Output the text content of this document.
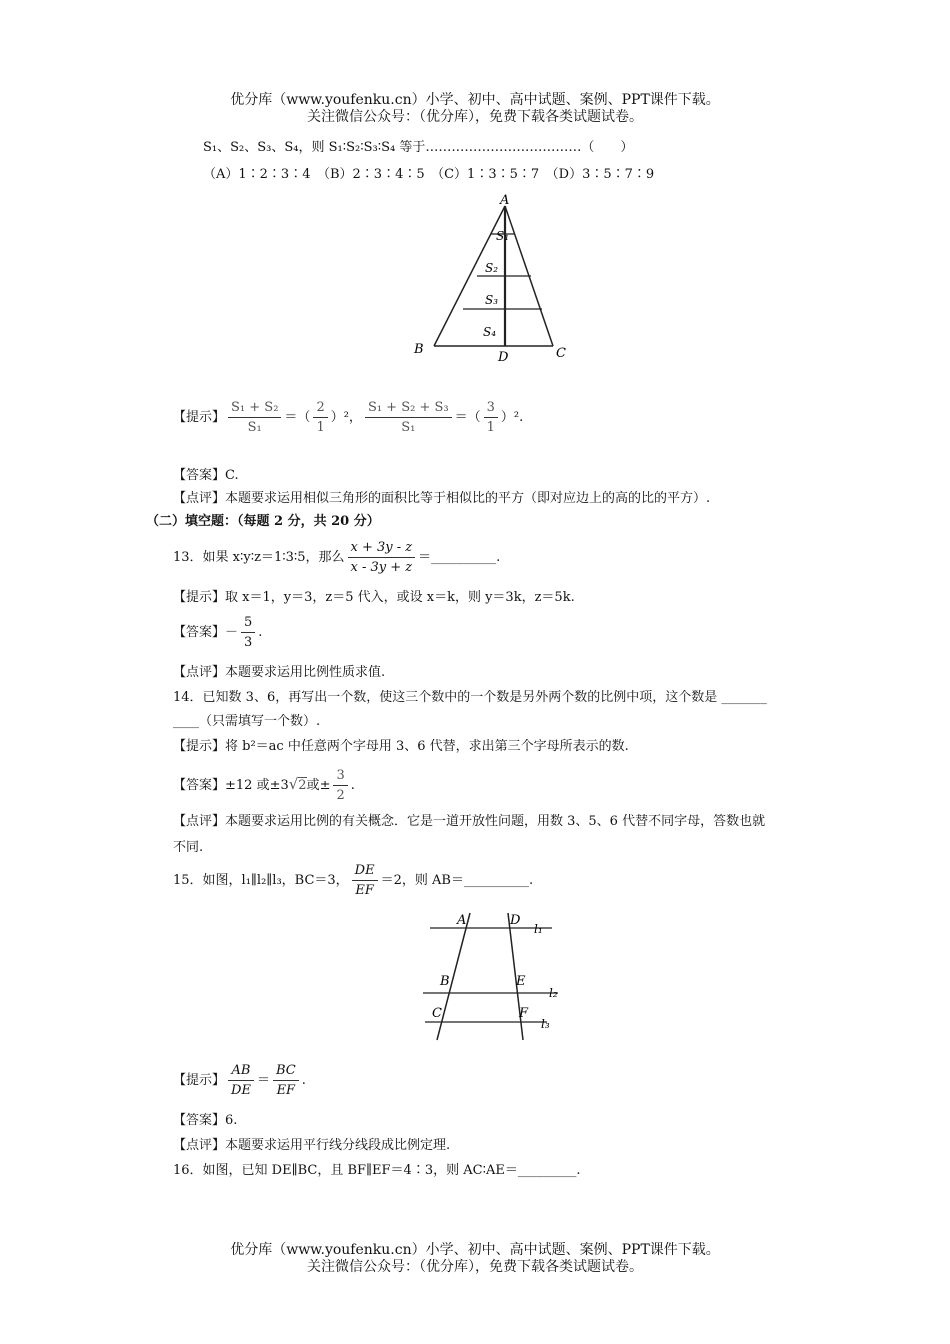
优分库（www.youfenku.cn）小学、初中、高中试题、案例、PPT课件下载。
关注微信公众号：（优分库），免费下载各类试题试卷。
S₁、S₂、S₃、S₄，则 S₁∶S₂∶S₃∶S₄ 等于………………………………（　　）
（A）1∶2∶3∶4　（B）2∶3∶4∶5　（C）1∶3∶5∶7　（D）3∶5∶7∶9
A
B	C
D
S₁
S₂
S₃
S₄
【提示】 $\frac{\text{S₁ + S₂}}{\text{S₁}}$ ＝（ $\frac{2}{1} )^2$， $\frac{\text{S₁ + S₂ + S₃}}{\text{S₁}}$ ＝（ $\frac{3}{1} )^2$.
【答案】C.
【点评】本题要求运用相似三角形的面积比等于相似比的平方（即对应边上的高的比的平方）.
（二）填空题：（每题 2 分，共 20 分）
13．如果 x∶y∶z＝1∶3∶5，那么 $\frac{x + 3y - z}{x - 3y + z}$ ＝__________.
【提示】取 x＝1，y＝3，z＝5 代入，或设 x＝k，则 y＝3k，z＝5k.
【答案】－ $\frac{5}{3}$ .
【点评】本题要求运用比例性质求值.
14．已知数 3、6，再写出一个数，使这三个数中的一个数是另外两个数的比例中项，这个数是 _______
____（只需填写一个数）.
【提示】将 b²＝ac 中任意两个字母用 3、6 代替，求出第三个字母所表示的数.
【答案】±12 或±3√2或± $\frac{3}{2}$ .
【点评】本题要求运用比例的有关概念．它是一道开放性问题，用数 3、5、6 代替不同字母，答数也就
不同.
15．如图，l₁∥l₂∥l₃，BC＝3， $\frac{DE}{EF} =2$，则 AB＝__________.
A	D
B	E
C	F
l₁
l₂
l₃
【提示】 $\frac{AB}{DE} = \frac{BC}{EF}$ .
【答案】6.
【点评】本题要求运用平行线分线段成比例定理.
16．如图，已知 DE∥BC，且 BF∥EF＝4∶3，则 AC∶AE＝_________.
优分库（www.youfenku.cn）小学、初中、高中试题、案例、PPT课件下载。
关注微信公众号：（优分库），免费下载各类试题试卷。
